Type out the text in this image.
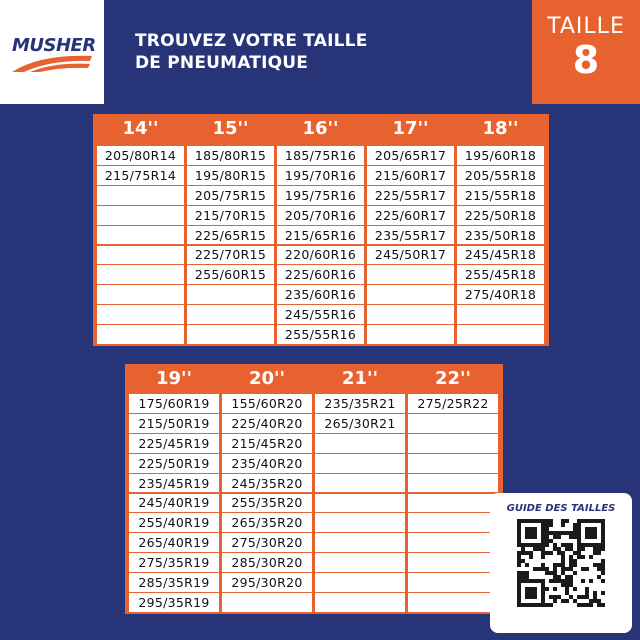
MUSHER TROUVEZ VOTRE TAILLE
DE PNEUMATIQUE
TAILLE
8
14''
205/80R14
215/75R14
15''
185/80R15
195/80R15
205/75R15
215/70R15
225/65R15
225/70R15
255/60R15
16''
185/75R16
195/70R16
195/75R16
205/70R16
215/65R16
220/60R16
225/60R16
235/60R16
245/55R16
255/55R16
17''
205/65R17
215/60R17
225/55R17
225/60R17
235/55R17
245/50R17
18''
195/60R18
205/55R18
215/55R18
225/50R18
235/50R18
245/45R18
255/45R18
275/40R18
19''
175/60R19
215/50R19
225/45R19
225/50R19
235/45R19
245/40R19
255/40R19
265/40R19
275/35R19
285/35R19
295/35R19
20''
155/60R20
225/40R20
215/45R20
235/40R20
245/35R20
255/35R20
265/35R20
275/30R20
285/30R20
295/30R20
21''
235/35R21
265/30R21
22''
275/25R22
GUIDE DES TAILLES
